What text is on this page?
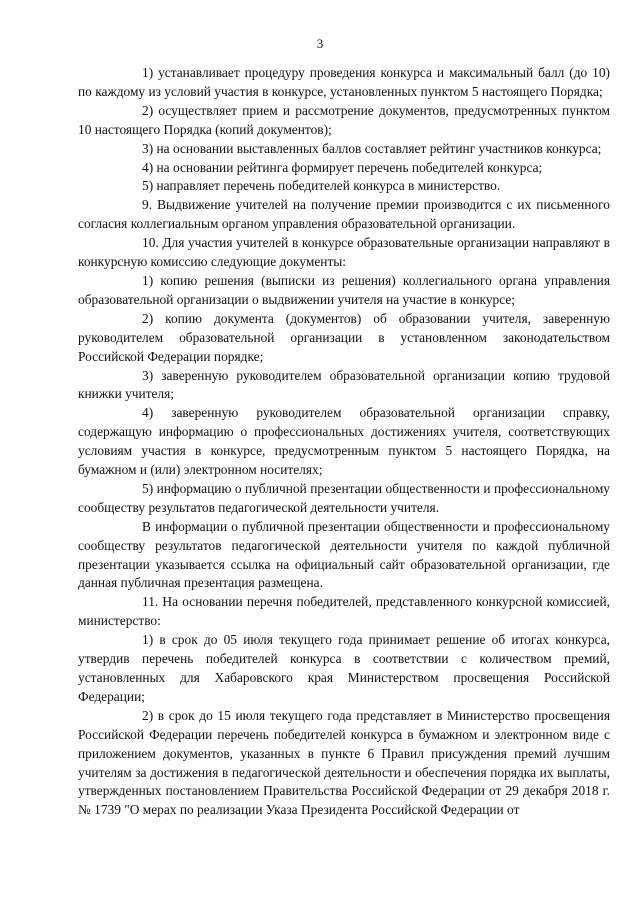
3

1) устанавливает процедуру проведения конкурса и максимальный балл (до 10) по каждому из условий участия в конкурсе, установленных пунктом 5 настоящего Порядка;

2) осуществляет прием и рассмотрение документов, предусмотренных пунктом 10 настоящего Порядка (копий документов);

3) на основании выставленных баллов составляет рейтинг участников конкурса;

4) на основании рейтинга формирует перечень победителей конкурса;

5) направляет перечень победителей конкурса в министерство.

9. Выдвижение учителей на получение премии производится с их письменного согласия коллегиальным органом управления образовательной организации.

10. Для участия учителей в конкурсе образовательные организации направляют в конкурсную комиссию следующие документы:

1) копию решения (выписки из решения) коллегиального органа управления образовательной организации о выдвижении учителя на участие в конкурсе;

2) копию документа (документов) об образовании учителя, заверенную руководителем образовательной организации в установленном законодательством Российской Федерации порядке;

3) заверенную руководителем образовательной организации копию трудовой книжки учителя;

4) заверенную руководителем образовательной организации справку, содержащую информацию о профессиональных достижениях учителя, соответствующих условиям участия в конкурсе, предусмотренным пунктом 5 настоящего Порядка, на бумажном и (или) электронном носителях;

5) информацию о публичной презентации общественности и профессиональному сообществу результатов педагогической деятельности учителя.

В информации о публичной презентации общественности и профессиональному сообществу результатов педагогической деятельности учителя по каждой публичной презентации указывается ссылка на официальный сайт образовательной организации, где данная публичная презентация размещена.

11. На основании перечня победителей, представленного конкурсной комиссией, министерство:

1) в срок до 05 июля текущего года принимает решение об итогах конкурса, утвердив перечень победителей конкурса в соответствии с количеством премий, установленных для Хабаровского края Министерством просвещения Российской Федерации;

2) в срок до 15 июля текущего года представляет в Министерство просвещения Российской Федерации перечень победителей конкурса в бумажном и электронном виде с приложением документов, указанных в пункте 6 Правил присуждения премий лучшим учителям за достижения в педагогической деятельности и обеспечения порядка их выплаты, утвержденных постановлением Правительства Российской Федерации от 29 декабря 2018 г. № 1739 "О мерах по реализации Указа Президента Российской Федерации от
